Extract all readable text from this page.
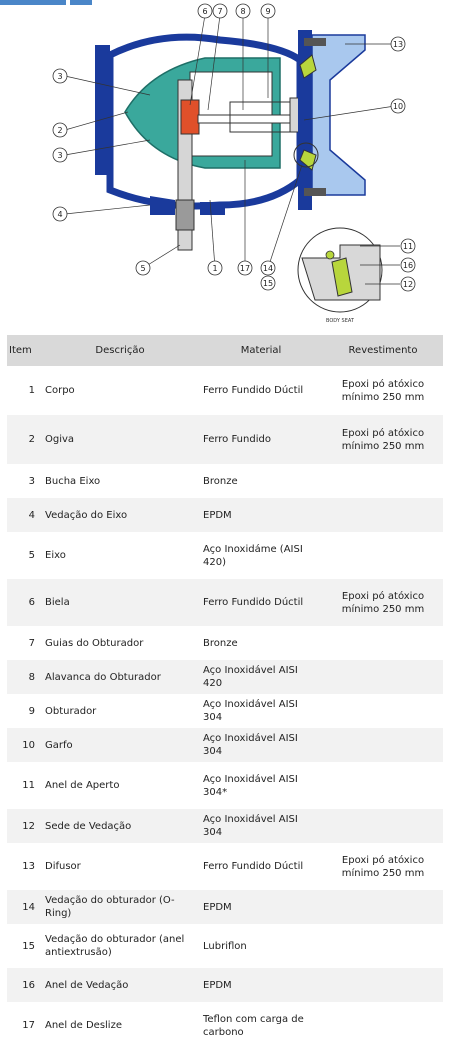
BODY SEAT
3
2
3
4
5
6 7 8 9
10
13
1	17 14
15
11
16
12
Item	Descrição	Material	Revestimento
1	Corpo	Ferro Fundido Dúctil	Epoxi pó atóxico mínimo 250 mm
2	Ogiva	Ferro Fundido	Epoxi pó atóxico mínimo 250 mm
3	Bucha Eixo	Bronze	
4	Vedação do Eixo	EPDM	
5	Eixo	Aço Inoxidáme (AISI 420)	
6	Biela	Ferro Fundido Dúctil	Epoxi pó atóxico mínimo 250 mm
7	Guias do Obturador	Bronze	
8	Alavanca do Obturador	Aço Inoxidável AISI 420	
9	Obturador	Aço Inoxidável AISI 304	
10	Garfo	Aço Inoxidável AISI 304	
11	Anel de Aperto	Aço Inoxidável AISI 304*	
12	Sede de Vedação	Aço Inoxidável AISI 304	
13	Difusor	Ferro Fundido Dúctil	Epoxi pó atóxico mínimo 250 mm
14	Vedação do obturador (O-Ring)	EPDM	
15	Vedação do obturador (anel antiextrusão)	Lubriflon	
16	Anel de Vedação	EPDM	
17	Anel de Deslize	Teflon com carga de carbono	
